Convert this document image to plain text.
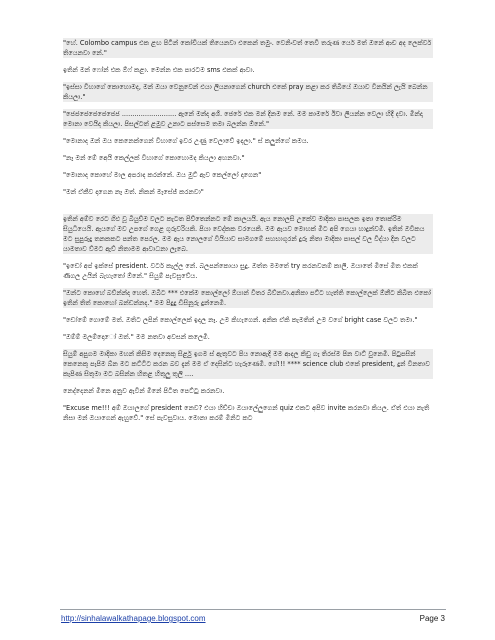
"හේ. Colombo campus එක ළඟ පිටින් කෝචියක් තියෙනවා එකෙන් තමුං. වෙනිංවත් තෙවි තරුණ යෙර් මත් ඔනේ ආච අද ලෙක්වර් තියෙනවා නේ."

ඉතින් මන් ෆෝන් එක ඕෆ් කළා. මෙන්න එක පාරටම sms එකක් ආවා.

"ඉස්සා විහාගේ කොහොමද, මන් ඔයා වෙනුවෙන් එයා ලියනාගෙන් church එකේ pray කළා කර තිබියේ ඔයාව විනයින් ලැයි බෙන්න කියලා."

"ජෙජජෙජෙජෙජෙජ .......................... ඇනේ මන්ද අශී. ජෙරේ එක මන් දිනම නේ. මම කාමරේ ඊවා ලියන්න වෙලා හිදී දවා. මින්දා මොනා වෙයිද කියලා. පිසල්ටත් ළමුව උනාට පස්සෙම තමා බලන්න ඕනේ."

"මොනාද ඔන් ඔය කෙනෙක්ගෙන් විහාගේ ඉවර උණු වෙලාවේ ඉදලා." ස් කලුන්ගේ කමය.

"නෑ මන් මේ අෙයි කෙල්ලක් විහාගේ කොහොමද කියලා අහනවා."

"මොනාද කොහේ මාල අපරාද කරන්නේ. ඔය මුට් ඇව කෙල්ලෝ දාගෙන"

"මන් ඒකීව දාගෙන නෑ ඔත්. නිකන් මැසේජ් කරනවා"

ඉතින් අම්ව රෙට ගිළු වූ බියුච්ම වලට කැටත පිව්තෙන්නට මේ කාලයයි. ඇය නොලසි උකේව මාදිකා පාසලක ඉතා තොක්රිම සියුධියෙයි. ඇයගේ මව උපගේ ගෙළ ගුරුවරියකි. පියා වෙද්කක වරයෙකි. මම ඇයව මොහක් මිට අපි ගෙයා හාදුන්වමී. ඉතින් ඔවිකය මට සුපුරුදු තනකකට පන්ත පෙරල. මම ඇය නොලගේ වියියාව සාමගමේ සහභාගුරන් දුරු නිතා මාදිකා පාසල් වල විද්යා දින වලට යාමතාව ව්මට ඇව් නිතාමම ආවාධනා ලැබෙ.

"ඉඩෝ අප් ඉක්සේ president. වර්ට කැල්ල නේ. බලපන්කොයා සුදු. ඔත්ත මමතේ try කරනවනම් කාලි. ඔයාතේ මිසේ මිත එකක් ණිගල උයින් බැහැතෝ ඕනේ." සියුම් පැවසූවේය.

"ඔන්ට කොහේ බව්න්න්ද හෙත්. ඔබිට *** එකේම කොල්ලෝ ඕයාන් විතර බිව්නවා.අනිකා පට්ට හැත්ති කොල්ලෙක් ඕනීට කිබිත එකෝ ඉතින් තිත් කොහෝ බන්ඩන්නද." මම පිදුදු ඩිසිනූරු දුන්නෙමි.

"ඩෝමේ ගොමේ මත්. ඔතිට ලපින් කොල්ලෙක් ඉදල නෑ. උම කිහැගෙන්. අනික ඒකි කැමතින් උම වගේ bright case වලට තමා."

"ඔම්ම් මලම්දොෝ ඔත්." මම නතවා අවසන් කලෙමි.

සියුම් අපුගම මාදිකා මහන් කිසිම දෙනෙකු සිර්ළු ඉගම ස් ඇතුවට පිය නොඇදි මම ආදල කිඩු ගැ තිරස්ම පින වාට් වුනෙමි. පිටුපසින් කෙනෙකු පැපිම බ්න මට කට්ටිට කරන බව දැන් මම ඒ දෙසින්ට හැරුණෙමි. ගේ!!! **** science club එකේ president, දුන් විනතාව කැපිණ සිතුමා මට බසින්න හිතළ හිතුලු තුලි ....

නෙද්දෙනන් මිනෙ අනුව ඇවින් මිනේ පිටිත පෙට්ටු කරනවා.

"Excuse me!!! අම් ඔයාලගේ president නෙව? එයා හිච්චා ඔයාලේලුගෙන් quiz එකට අපිව invite කරනවා කියල. ඒත් එයා නැති නිසා මන් ඔයාගෙන් ඇහුවේ." සේ පැවසුවාය. මොනා කරම් මිනිට කට

http://sinhalawalkathapage.blogspot.com	Page 3
